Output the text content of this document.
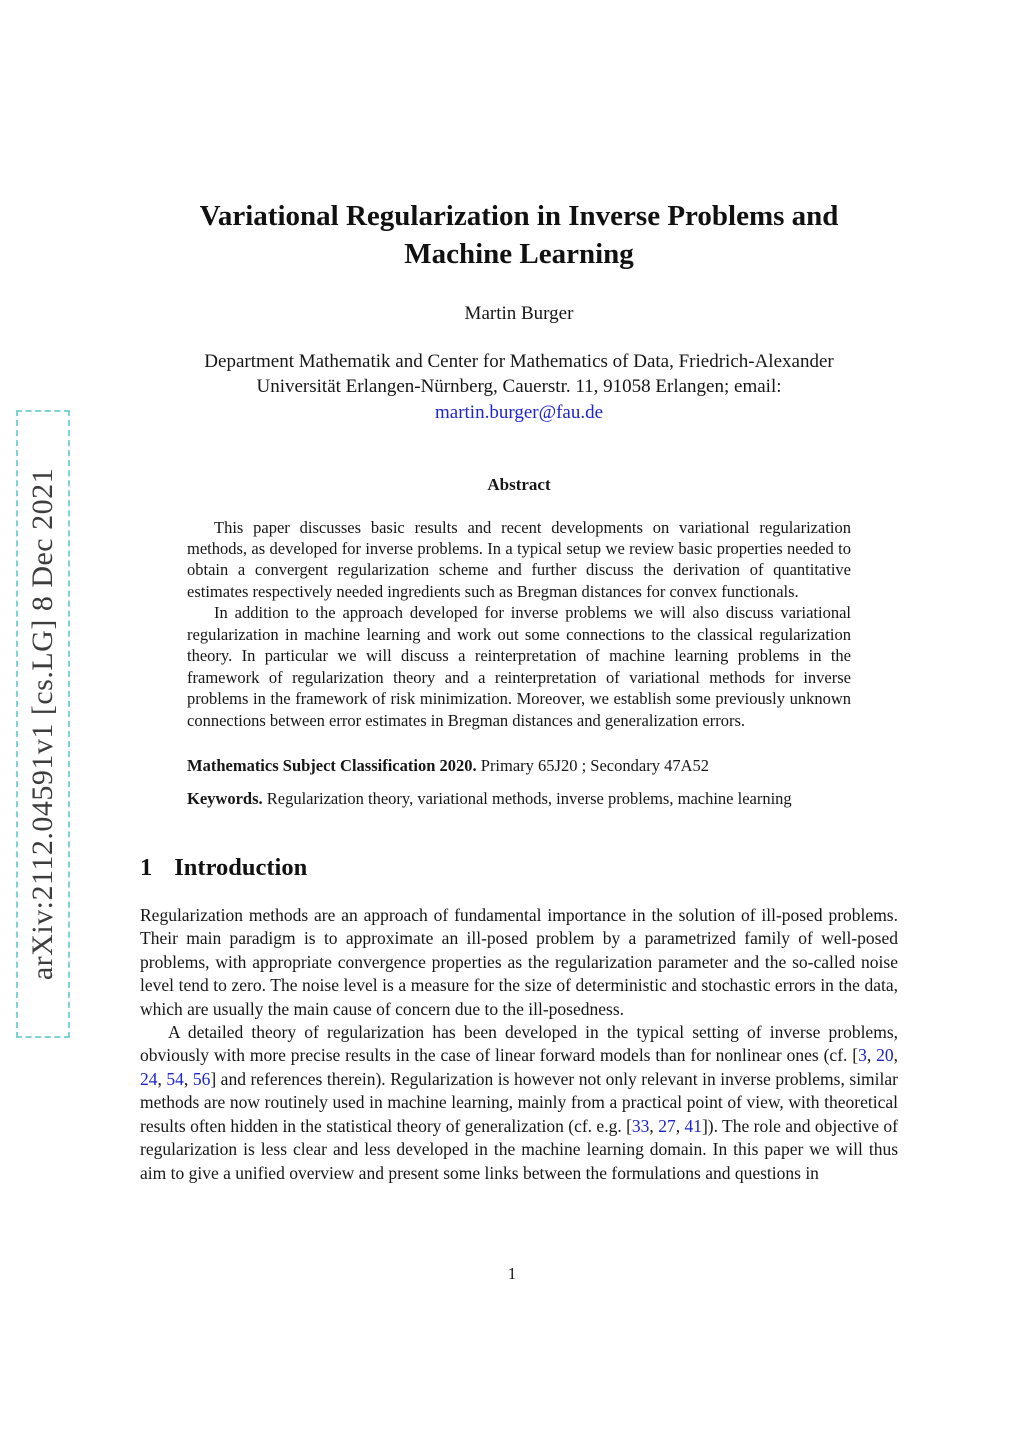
arXiv:2112.04591v1 [cs.LG] 8 Dec 2021
Variational Regularization in Inverse Problems and
Machine Learning
Martin Burger
Department Mathematik and Center for Mathematics of Data, Friedrich-Alexander
Universität Erlangen-Nürnberg, Cauerstr. 11, 91058 Erlangen; email:
martin.burger@fau.de
Abstract

This paper discusses basic results and recent developments on variational regularization methods, as developed for inverse problems. In a typical setup we review basic properties needed to obtain a convergent regularization scheme and further discuss the derivation of quantitative estimates respectively needed ingredients such as Bregman distances for convex functionals.

In addition to the approach developed for inverse problems we will also discuss variational regularization in machine learning and work out some connections to the classical regularization theory. In particular we will discuss a reinterpretation of machine learning problems in the framework of regularization theory and a reinterpretation of variational methods for inverse problems in the framework of risk minimization. Moreover, we establish some previously unknown connections between error estimates in Bregman distances and generalization errors.

Mathematics Subject Classification 2020. Primary 65J20 ; Secondary 47A52

Keywords. Regularization theory, variational methods, inverse problems, machine learning

1 Introduction

Regularization methods are an approach of fundamental importance in the solution of ill-posed problems. Their main paradigm is to approximate an ill-posed problem by a parametrized family of well-posed problems, with appropriate convergence properties as the regularization parameter and the so-called noise level tend to zero. The noise level is a measure for the size of deterministic and stochastic errors in the data, which are usually the main cause of concern due to the ill-posedness.

A detailed theory of regularization has been developed in the typical setting of inverse problems, obviously with more precise results in the case of linear forward models than for nonlinear ones (cf. [3, 20, 24, 54, 56] and references therein). Regularization is however not only relevant in inverse problems, similar methods are now routinely used in machine learning, mainly from a practical point of view, with theoretical results often hidden in the statistical theory of generalization (cf. e.g. [33, 27, 41]). The role and objective of regularization is less clear and less developed in the machine learning domain. In this paper we will thus aim to give a unified overview and present some links between the formulations and questions in

1
